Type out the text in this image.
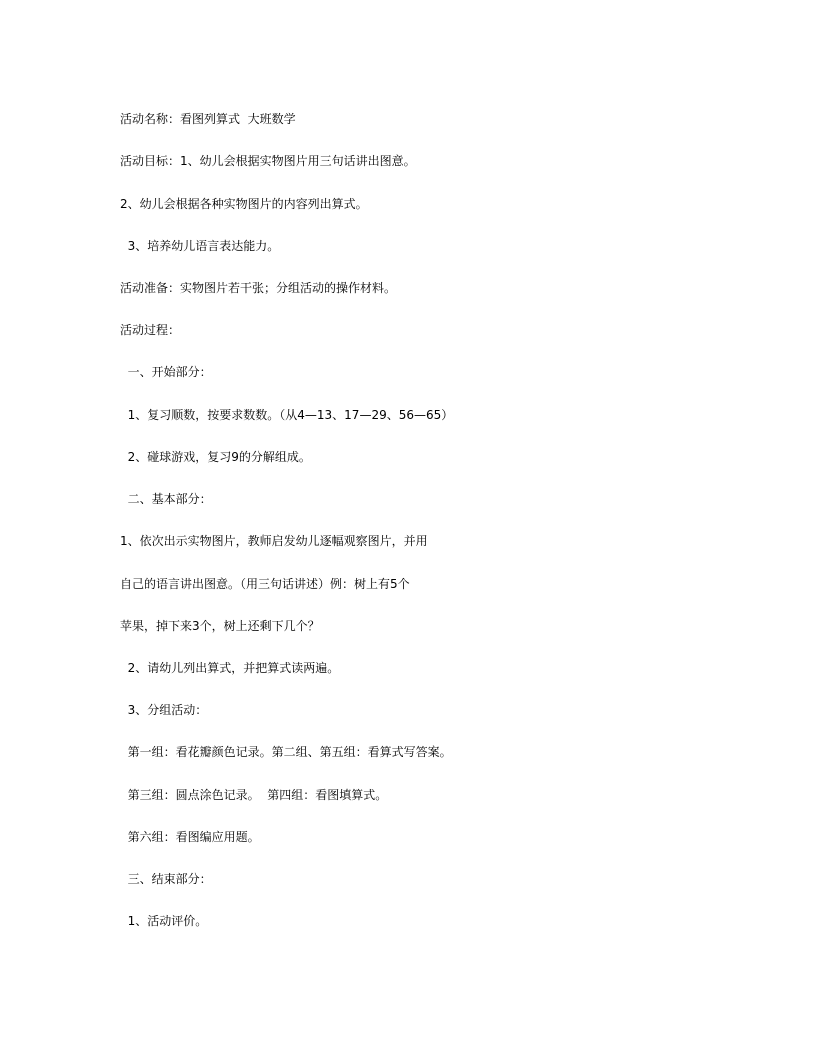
活动名称：看图列算式  大班数学
活动目标：1、幼儿会根据实物图片用三句话讲出图意。
2、幼儿会根据各种实物图片的内容列出算式。
3、培养幼儿语言表达能力。
活动准备：实物图片若干张；分组活动的操作材料。
活动过程：
一、开始部分：
1、复习顺数，按要求数数。（从4—13、17—29、56—65）
2、碰球游戏，复习9的分解组成。
二、基本部分：
1、依次出示实物图片，教师启发幼儿逐幅观察图片，并用
自己的语言讲出图意。（用三句话讲述）例：树上有5个
苹果，掉下来3个，树上还剩下几个？
2、请幼儿列出算式，并把算式读两遍。
3、分组活动：
第一组：看花瓣颜色记录。第二组、第五组：看算式写答案。
第三组：圆点涂色记录。  第四组：看图填算式。
第六组：看图编应用题。
三、结束部分：
1、活动评价。
